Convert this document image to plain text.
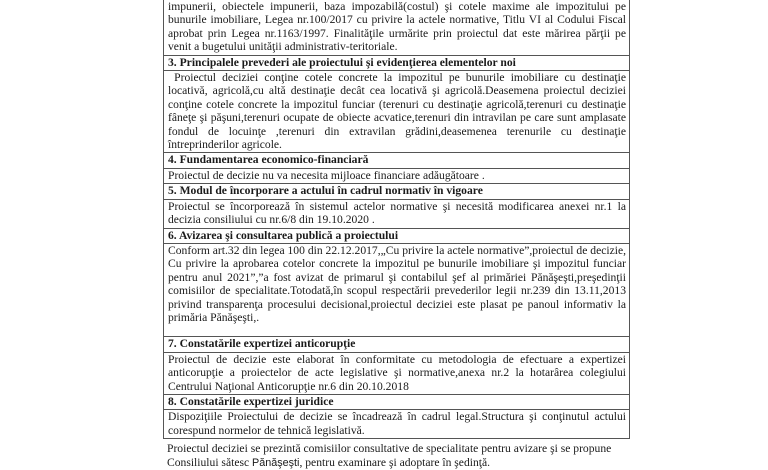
impunerii, obiectele impunerii, baza impozabilă(costul) şi cotele maxime ale impozitului pe bunurile imobiliare, Legea nr.100/2017 cu privire la actele normative, Titlu VI al Codului Fiscal aprobat prin Legea nr.1163/1997. Finalităţile urmărite prin proiectul dat este mărirea părţii pe venit a bugetului unităţii administrativ-teritoriale.

3. Principalele prevederi ale proiectului şi evidenţierea elementelor noi

Proiectul deciziei conţine cotele concrete la impozitul pe bunurile imobiliare cu destinaţie locativă, agricolă,cu altă destinaţie decât cea locativă şi agricolă.Deasemena proiectul deciziei conţine cotele concrete la impozitul funciar (terenuri cu destinaţie agricolă,terenuri cu destinaţie fâneţe şi păşuni,terenuri ocupate de obiecte acvatice,terenuri din intravilan pe care sunt amplasate fondul de locuinţe ,terenuri din extravilan grădini,deasemenea terenurile cu destinaţie întreprinderilor agricole.

4. Fundamentarea economico-financiară

Proiectul de decizie nu va necesita mijloace financiare adăugătoare .

5. Modul de încorporare a actului în cadrul normativ în vigoare

Proiectul se încorporează în sistemul actelor normative şi necesită modificarea anexei nr.1 la decizia consiliului cu nr.6/8 din 19.10.2020 .

6. Avizarea şi consultarea publică a proiectului

Conform art.32 din legea 100 din 22.12.2017,„Cu privire la actele normative”,proiectul de decizie, Cu privire la aprobarea cotelor concrete la impozitul pe bunurile imobiliare şi impozitul funciar pentru anul 2021”,”a fost avizat de primarul şi contabilul şef al primăriei Pănăşeşti,preşedinţii comisiilor de specialitate.Totodată,în scopul respectării prevederilor legii nr.239 din 13.11,2013 privind transparenţa procesului decisional,proiectul deciziei este plasat pe panoul informativ la primăria Pănăşeşti,.

7. Constatările expertizei anticorupţie

Proiectul de decizie este elaborat în conformitate cu metodologia de efectuare a expertizei anticorupţie a proiectelor de acte legislative şi normative,anexa nr.2 la hotarârea colegiului Centrului Naţional Anticorupţie nr.6 din 20.10.2018

8. Constatările expertizei juridice

Dispoziţiile Proiectului de decizie se încadrează în cadrul legal.Structura şi conţinutul actului corespund normelor de tehnică legislativă.

Proiectul deciziei se prezintă comisiilor consultative de specialitate pentru avizare şi se propune Consiliului sătesc Pănăşeşti, pentru examinare şi adoptare în şedinţă.
